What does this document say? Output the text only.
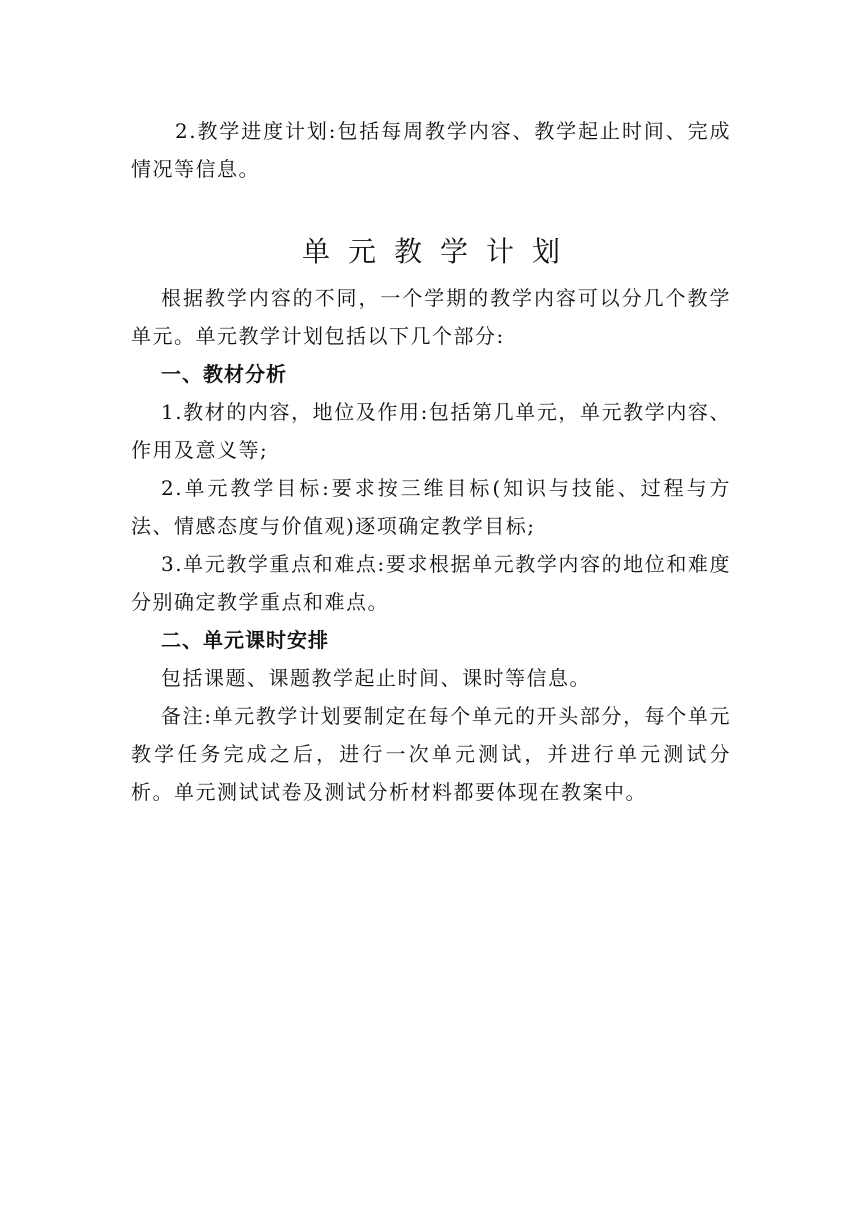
2.教学进度计划:包括每周教学内容、教学起止时间、完成情况等信息。

单元教学计划

根据教学内容的不同，一个学期的教学内容可以分几个教学单元。单元教学计划包括以下几个部分:

一、教材分析

1.教材的内容，地位及作用:包括第几单元，单元教学内容、作用及意义等;

2.单元教学目标:要求按三维目标(知识与技能、过程与方法、情感态度与价值观)逐项确定教学目标;

3.单元教学重点和难点:要求根据单元教学内容的地位和难度分别确定教学重点和难点。

二、单元课时安排

包括课题、课题教学起止时间、课时等信息。

备注:单元教学计划要制定在每个单元的开头部分，每个单元教学任务完成之后，进行一次单元测试，并进行单元测试分析。单元测试试卷及测试分析材料都要体现在教案中。
